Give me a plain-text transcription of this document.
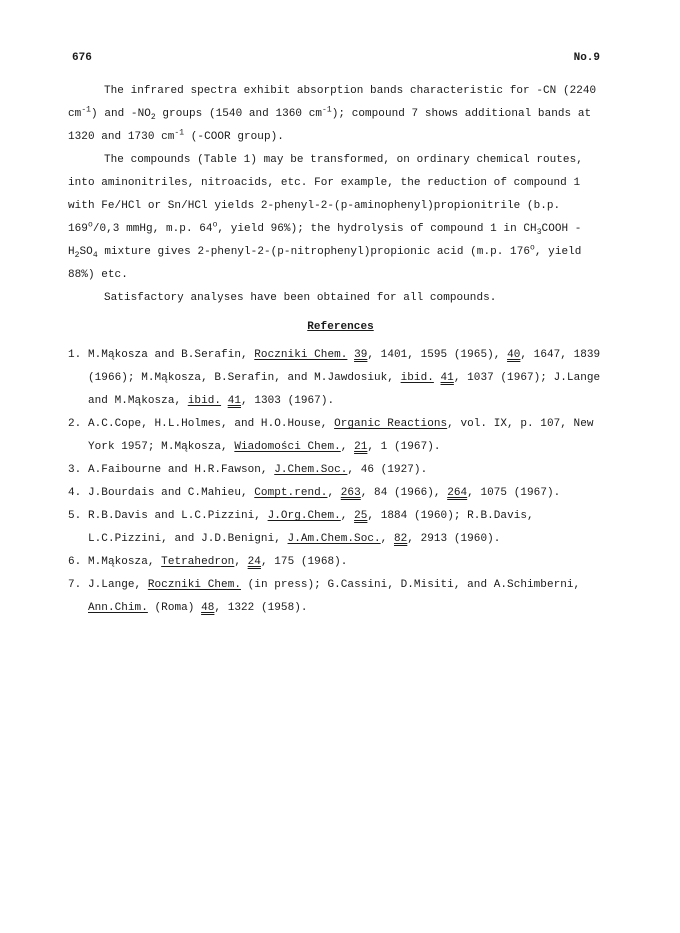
676	No.9

The infrared spectra exhibit absorption bands characteristic for -CN (2240 $cm^{-1}$) and $-NO_2$ groups (1540 and 1360 $cm^{-1}$); compound 7 shows additional bands at 1320 and 1730 $cm^{-1}$ (-COOR group).

The compounds (Table 1) may be transformed, on ordinary chemical routes, into aminonitriles, nitroacids, etc. For example, the reduction of compound 1 with Fe/HCl or Sn/HCl yields 2-phenyl-2-(p-aminophenyl)propionitrile (b.p. 169$^o$/0,3 mmHg, m.p. 64$^o$, yield 96%); the hydrolysis of compound 1 in $CH_3COOH - H_2SO_4$ mixture gives 2-phenyl-2-(p-nitrophenyl)propionic acid (m.p. 176$^o$, yield 88%) etc.

Satisfactory analyses have been obtained for all compounds.

References
1. M.Mąkosza and B.Serafin, Roczniki Chem. 39, 1401, 1595 (1965), 40, 1647, 1839 (1966); M.Mąkosza, B.Serafin, and M.Jawdosiuk, ibid. 41, 1037 (1967); J.Lange and M.Mąkosza, ibid. 41, 1303 (1967).
2. A.C.Cope, H.L.Holmes, and H.O.House, Organic Reactions, vol. IX, p. 107, New York 1957; M.Mąkosza, Wiadomości Chem., 21, 1 (1967).
3. A.Faibourne and H.R.Fawson, J.Chem.Soc., 46 (1927).
4. J.Bourdais and C.Mahieu, Compt.rend., 263, 84 (1966), 264, 1075 (1967).
5. R.B.Davis and L.C.Pizzini, J.Org.Chem., 25, 1884 (1960); R.B.Davis, L.C.Pizzini, and J.D.Benigni, J.Am.Chem.Soc., 82, 2913 (1960).
6. M.Mąkosza, Tetrahedron, 24, 175 (1968).
7. J.Lange, Roczniki Chem. (in press); G.Cassini, D.Misiti, and A.Schimberni, Ann.Chim. (Roma) 48, 1322 (1958).
